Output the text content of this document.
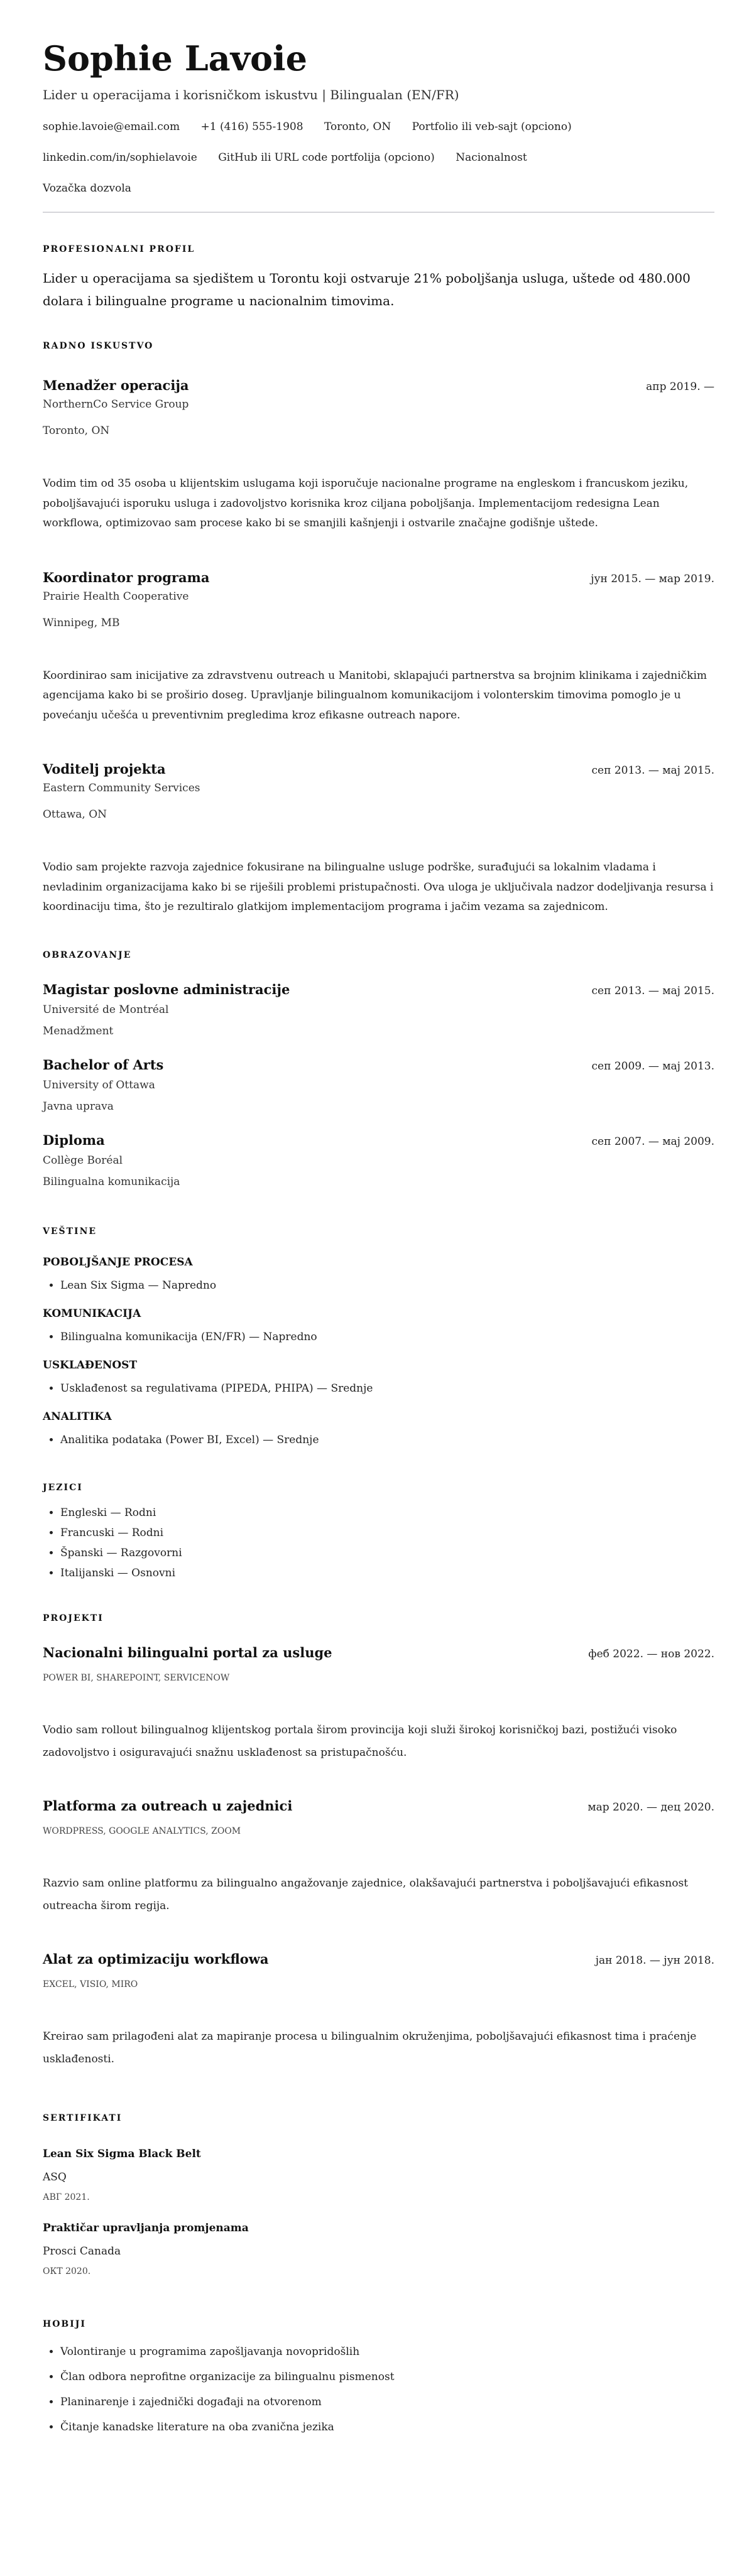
Sophie Lavoie
Lider u operacijama i korisničkom iskustvu | Bilingualan (EN/FR)
sophie.lavoie@email.com +1 (416) 555-1908 Toronto, ON Portfolio ili veb-sajt (opciono)
linkedin.com/in/sophielavoie GitHub ili URL code portfolija (opciono) Nacionalnost
Vozačka dozvola
PROFESIONALNI PROFIL
Lider u operacijama sa sjedištem u Torontu koji ostvaruje 21% poboljšanja usluga, uštede od 480.000 dolara i bilingualne programe u nacionalnim timovima.
RADNO ISKUSTVO
Menadžer operacija	апр 2019. —
NorthernCo Service Group
Toronto, ON
Vodim tim od 35 osoba u klijentskim uslugama koji isporučuje nacionalne programe na engleskom i francuskom jeziku, poboljšavajući isporuku usluga i zadovoljstvo korisnika kroz ciljana poboljšanja. Implementacijom redesigna Lean workflowa, optimizovao sam procese kako bi se smanjili kašnjenji i ostvarile značajne godišnje uštede.
Koordinator programa	јун 2015. — мар 2019.
Prairie Health Cooperative
Winnipeg, MB
Koordinirao sam inicijative za zdravstvenu outreach u Manitobi, sklapajući partnerstva sa brojnim klinikama i zajedničkim agencijama kako bi se proširio doseg. Upravljanje bilingualnom komunikacijom i volonterskim timovima pomoglo je u povećanju učešća u preventivnim pregledima kroz efikasne outreach napore.
Voditelj projekta	сеп 2013. — мај 2015.
Eastern Community Services
Ottawa, ON
Vodio sam projekte razvoja zajednice fokusirane na bilingualne usluge podrške, surađujući sa lokalnim vladama i nevladinim organizacijama kako bi se riješili problemi pristupačnosti. Ova uloga je uključivala nadzor dodeljivanja resursa i koordinaciju tima, što je rezultiralo glatkijom implementacijom programa i jačim vezama sa zajednicom.
OBRAZOVANJE
Magistar poslovne administracije	сеп 2013. — мај 2015.
Université de Montréal
Menadžment
Bachelor of Arts	сеп 2009. — мај 2013.
University of Ottawa
Javna uprava
Diploma	сеп 2007. — мај 2009.
Collège Boréal
Bilingualna komunikacija
VEŠTINE
POBOLJŠANJE PROCESA
• Lean Six Sigma — Napredno
KOMUNIKACIJA
• Bilingualna komunikacija (EN/FR) — Napredno
USKLAĐENOST
• Usklađenost sa regulativama (PIPEDA, PHIPA) — Srednje
ANALITIKA
• Analitika podataka (Power BI, Excel) — Srednje
JEZICI
• Engleski — Rodni
• Francuski — Rodni
• Španski — Razgovorni
• Italijanski — Osnovni
PROJEKTI
Nacionalni bilingualni portal za usluge	феб 2022. — нов 2022.
POWER BI, SHAREPOINT, SERVICENOW
Vodio sam rollout bilingualnog klijentskog portala širom provincija koji služi širokoj korisničkoj bazi, postižući visoko zadovoljstvo i osiguravajući snažnu usklađenost sa pristupačnošću.
Platforma za outreach u zajednici	мар 2020. — дец 2020.
WORDPRESS, GOOGLE ANALYTICS, ZOOM
Razvio sam online platformu za bilingualno angažovanje zajednice, olakšavajući partnerstva i poboljšavajući efikasnost outreacha širom regija.
Alat za optimizaciju workflowa	јан 2018. — јун 2018.
EXCEL, VISIO, MIRO
Kreirao sam prilagođeni alat za mapiranje procesa u bilingualnim okruženjima, poboljšavajući efikasnost tima i praćenje usklađenosti.
SERTIFIKATI
Lean Six Sigma Black Belt
ASQ
АВГ 2021.
Praktičar upravljanja promjenama
Prosci Canada
ОКТ 2020.
HOBIJI
• Volontiranje u programima zapošljavanja novopridošlih
• Član odbora neprofitne organizacije za bilingualnu pismenost
• Planinarenje i zajednički događaji na otvorenom
• Čitanje kanadske literature na oba zvanična jezika
